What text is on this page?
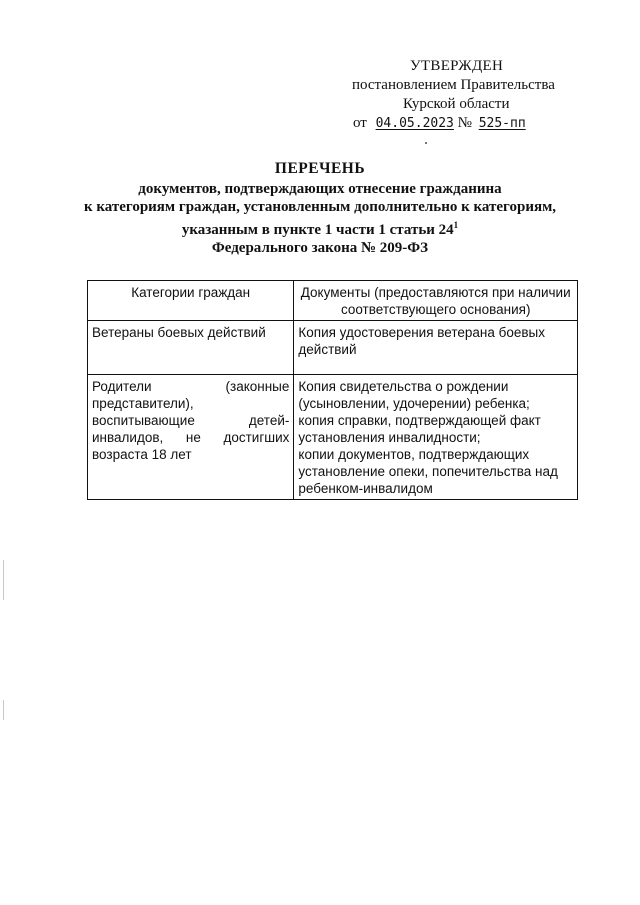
УТВЕРЖДЕН
постановлением Правительства
Курской области
от 04.05.2023 № 525-пп
ПЕРЕЧЕНЬ
документов, подтверждающих отнесение гражданина
к категориям граждан, установленным дополнительно к категориям,
указанным в пункте 1 части 1 статьи $24^1$
Федерального закона № 209-ФЗ
Категории граждан	Документы (предоставляются при наличии соответствующего основания)
Ветераны боевых действий	Копия удостоверения ветерана боевых действий

Родители (законные представители), воспитывающие детей-инвалидов, не достигших возраста 18 лет	Копия свидетельства о рождении (усыновлении, удочерении) ребенка;
копия справки, подтверждающей факт установления инвалидности;
копии документов, подтверждающих установление опеки, попечительства над ребенком-инвалидом
